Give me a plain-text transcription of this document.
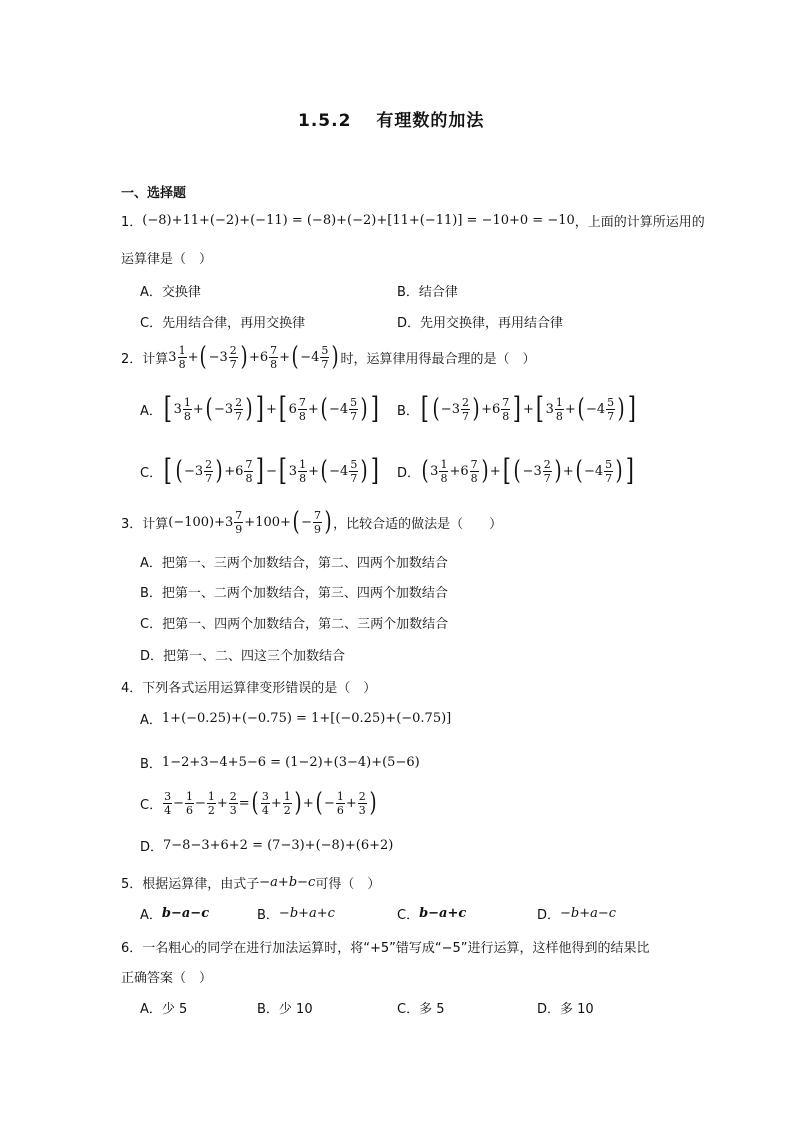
1.5.2　 有理数的加法
一、选择题
1． (−8)+11+(−2)+(−11) = (−8)+(−2)+[11+(−11)] = −10+0 = −10 ，上面的计算所运用的
运算律是（　）
A．交换律	B．结合律
C．先用结合律，再用交换律	D．先用交换律，再用结合律
2．计算 $3 \frac{1}{8}$ + ( $-3 \frac{2}{7}$ ) $+6 \frac{7}{8}$ + ( $-4 \frac{5}{7}$ ) 时，运算律用得最合理的是（　）
A． [ $3 \frac{1}{8}$ + ( $-3 \frac{2}{7}$ ) ] + [ $6 \frac{7}{8}$ + ( $-4 \frac{5}{7}$ ) ] B． [ ( $-3 \frac{2}{7}$ ) $+6 \frac{7}{8}$ ] + [ $3 \frac{1}{8}$ + ( $-4 \frac{5}{7}$ ) ]
C． [ ( $-3 \frac{2}{7}$ ) $+6 \frac{7}{8}$ ] − [ $3 \frac{1}{8}$ + ( $-4 \frac{5}{7}$ ) ] D． ( $3 \frac{1}{8} +6 \frac{7}{8}$ ) + [ ( $-3 \frac{2}{7}$ ) + ( $-4 \frac{5}{7}$ ) ]
3．计算 $(-100)+3 \frac{7}{9} +100+$ ( − $\frac{7}{9}$ ) ，比较合适的做法是（　　）
A．把第一、三两个加数结合，第二、四两个加数结合
B．把第一、二两个加数结合，第三、四两个加数结合
C．把第一、四两个加数结合，第二、三两个加数结合
D．把第一、二、四这三个加数结合
4．下列各式运用运算律变形错误的是（　）
A． 1+(−0.25)+(−0.75) = 1+[(−0.25)+(−0.75)]
B． 1−2+3−4+5−6 = (1−2)+(3−4)+(5−6)
C． $\frac{3}{4} - \frac{1}{6} - \frac{1}{2} + \frac{2}{3}$ = ( $\frac{3}{4} + \frac{1}{2}$ ) + ( − $\frac{1}{6} + \frac{2}{3}$ )
D． 7−8−3+6+2 = (7−3)+(−8)+(6+2)
5．根据运算律，由式子 −a+b−c 可得（　）
A． b−a−c	B． −b+a+c	C． b−a+c	D． −b+a−c
6．一名粗心的同学在进行加法运算时，将“+5”错写成“−5”进行运算，这样他得到的结果比
正确答案（　）
A．少 5	B．少 10	C．多 5	D．多 10
